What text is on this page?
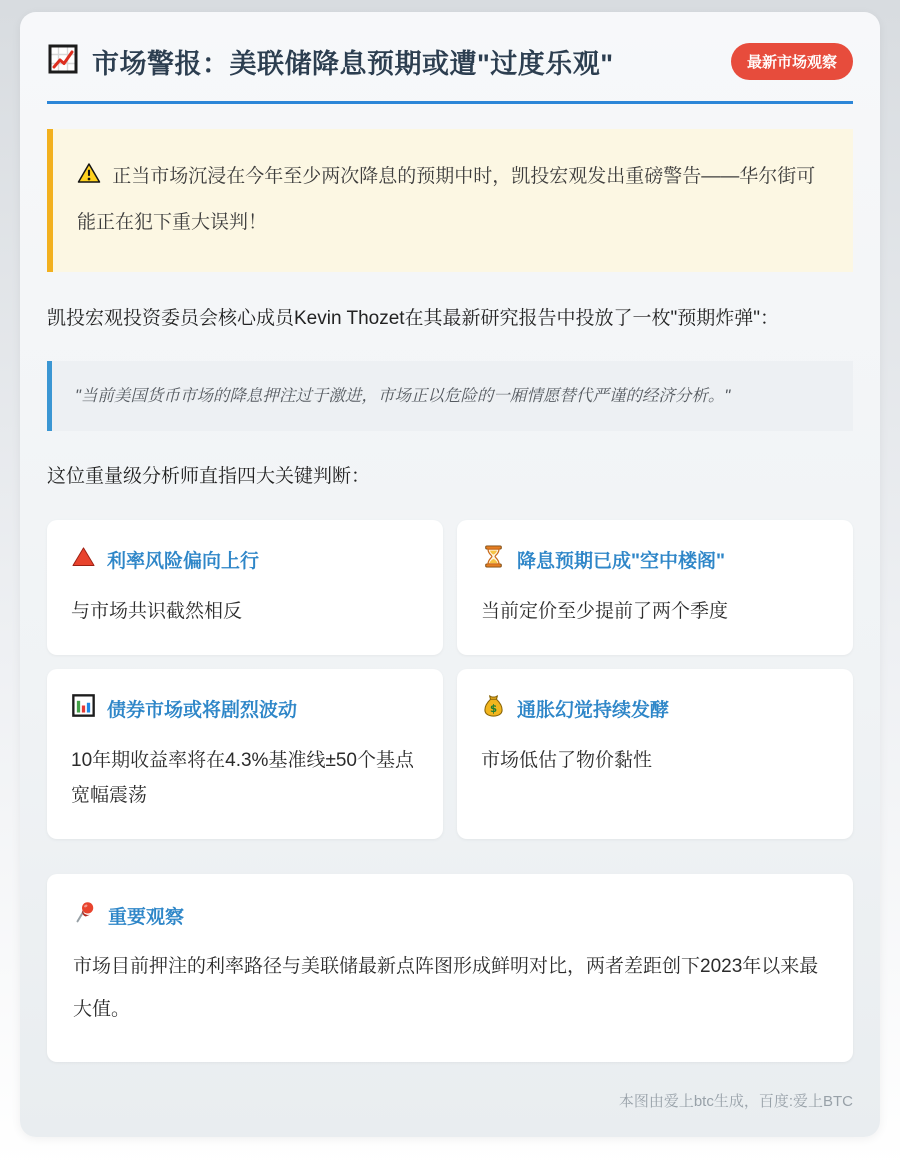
市场警报：美联储降息预期或遭"过度乐观"	最新市场观察
正当市场沉浸在今年至少两次降息的预期中时，凯投宏观发出重磅警告——华尔街可能正在犯下重大误判！

凯投宏观投资委员会核心成员Kevin Thozet在其最新研究报告中投放了一枚"预期炸弹"：

"当前美国货币市场的降息押注过于激进，市场正以危险的一厢情愿替代严谨的经济分析。"

这位重量级分析师直指四大关键判断：

利率风险偏向上行
与市场共识截然相反
降息预期已成"空中楼阁"
当前定价至少提前了两个季度
债券市场或将剧烈波动
10年期收益率将在4.3%基准线±50个基点宽幅震荡
$ 通胀幻觉持续发酵
市场低估了物价黏性
重要观察
市场目前押注的利率路径与美联储最新点阵图形成鲜明对比，两者差距创下2023年以来最大值。
本图由爱上btc生成，百度:爱上BTC
